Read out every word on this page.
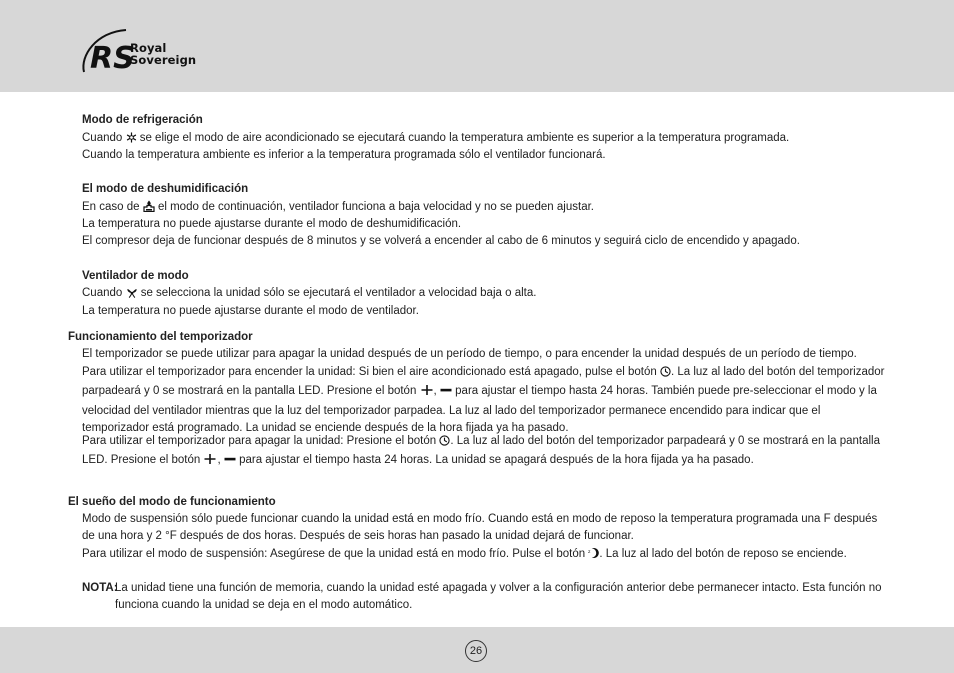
RS
Royal
Sovereign
Modo de refrigeración
Cuando se elige el modo de aire acondicionado se ejecutará cuando la temperatura ambiente es superior a la temperatura programada.
Cuando la temperatura ambiente es inferior a la temperatura programada sólo el ventilador funcionará.
El modo de deshumidificación
En caso de el modo de continuación, ventilador funciona a baja velocidad y no se pueden ajustar.
La temperatura no puede ajustarse durante el modo de deshumidificación.
El compresor deja de funcionar después de 8 minutos y se volverá a encender al cabo de 6 minutos y seguirá ciclo de encendido y apagado.
Ventilador de modo
Cuando se selecciona la unidad sólo se ejecutará el ventilador a velocidad baja o alta.
La temperatura no puede ajustarse durante el modo de ventilador.
Funcionamiento del temporizador
El temporizador se puede utilizar para apagar la unidad después de un período de tiempo, o para encender la unidad después de un período de tiempo.
Para utilizar el temporizador para encender la unidad: Si bien el aire acondicionado está apagado, pulse el botón . La luz al lado del botón del temporizador parpadeará y 0 se mostrará en la pantalla LED. Presione el botón , para ajustar el tiempo hasta 24 horas. También puede pre-seleccionar el modo y la velocidad del ventilador mientras que la luz del temporizador parpadea. La luz al lado del temporizador permanece encendido para indicar que el temporizador está programado. La unidad se enciende después de la hora fijada ya ha pasado.
Para utilizar el temporizador para apagar la unidad: Presione el botón . La luz al lado del botón del temporizador parpadeará y 0 se mostrará en la pantalla LED. Presione el botón , para ajustar el tiempo hasta 24 horas. La unidad se apagará después de la hora fijada ya ha pasado.
El sueño del modo de funcionamiento
Modo de suspensión sólo puede funcionar cuando la unidad está en modo frío. Cuando está en modo de reposo la temperatura programada una F después de una hora y 2 °F después de dos horas. Después de seis horas han pasado la unidad dejará de funcionar.
Para utilizar el modo de suspensión: Asegúrese de que la unidad está en modo frío. Pulse el botón z . La luz al lado del botón de reposo se enciende.
NOTA:
La unidad tiene una función de memoria, cuando la unidad esté apagada y volver a la configuración anterior debe permanecer intacto. Esta función no funciona cuando la unidad se deja en el modo automático.
26
